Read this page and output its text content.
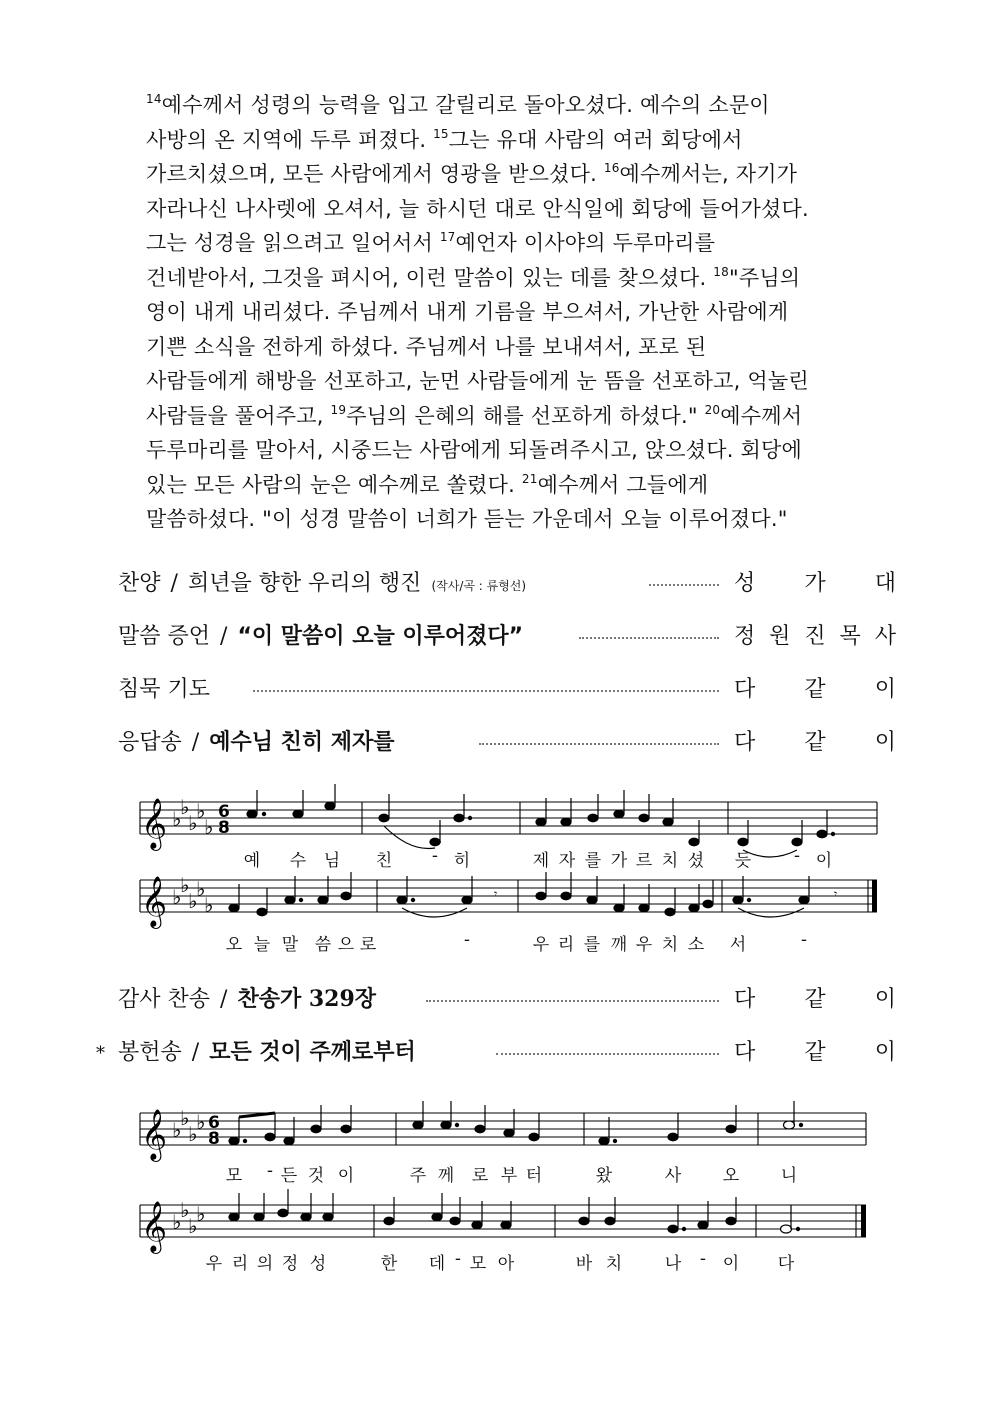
$^{14}$예수께서 성령의 능력을 입고 갈릴리로 돌아오셨다. 예수의 소문이
사방의 온 지역에 두루 퍼졌다. $^{15}$그는 유대 사람의 여러 회당에서
가르치셨으며, 모든 사람에게서 영광을 받으셨다. $^{16}$예수께서는, 자기가
자라나신 나사렛에 오셔서, 늘 하시던 대로 안식일에 회당에 들어가셨다.
그는 성경을 읽으려고 일어서서 $^{17}$예언자 이사야의 두루마리를
건네받아서, 그것을 펴시어, 이런 말씀이 있는 데를 찾으셨다. $^{18}$"주님의
영이 내게 내리셨다. 주님께서 내게 기름을 부으셔서, 가난한 사람에게
기쁜 소식을 전하게 하셨다. 주님께서 나를 보내셔서, 포로 된
사람들에게 해방을 선포하고, 눈먼 사람들에게 눈 뜸을 선포하고, 억눌린
사람들을 풀어주고, $^{19}$주님의 은혜의 해를 선포하게 하셨다." $^{20}$예수께서
두루마리를 말아서, 시중드는 사람에게 되돌려주시고, 앉으셨다. 회당에
있는 모든 사람의 눈은 예수께로 쏠렸다. $^{21}$예수께서 그들에게
말씀하셨다. "이 성경 말씀이 너희가 듣는 가운데서 오늘 이루어졌다."
찬양 / 희년을 향한 우리의 행진 (작사/곡 : 류형선)	성 가 대
말씀 증언 / “이 말씀이 오늘 이루어졌다”	정 원 진 목 사
침묵 기도	다 같 이
응답송 / 예수님 친히 제자를	다 같 이
𝄞
𝄞
♭
♭
♭
♭
♭
♭
♭
♭
♭
♭
6
8
𝄾	𝄾
예 수 님 친 - 히	제 자 를 가 르 치 셨 듯	- 이
오 늘 말 씀 으 로	-	우 리 를 깨 우 치 소 서	-
감사 찬송 / 찬송가 329장	다 같 이
* 봉헌송 / 모든 것이 주께로부터	다 같 이
𝄞
𝄞
♭
♭
♭
♭
♭
♭
♭
♭
6
8
모 - 든 것 이	주 께 로 부 터	왔	사 오 니
우 리 의 정 성	한 데 - 모 아	바 치	나 - 이 다
